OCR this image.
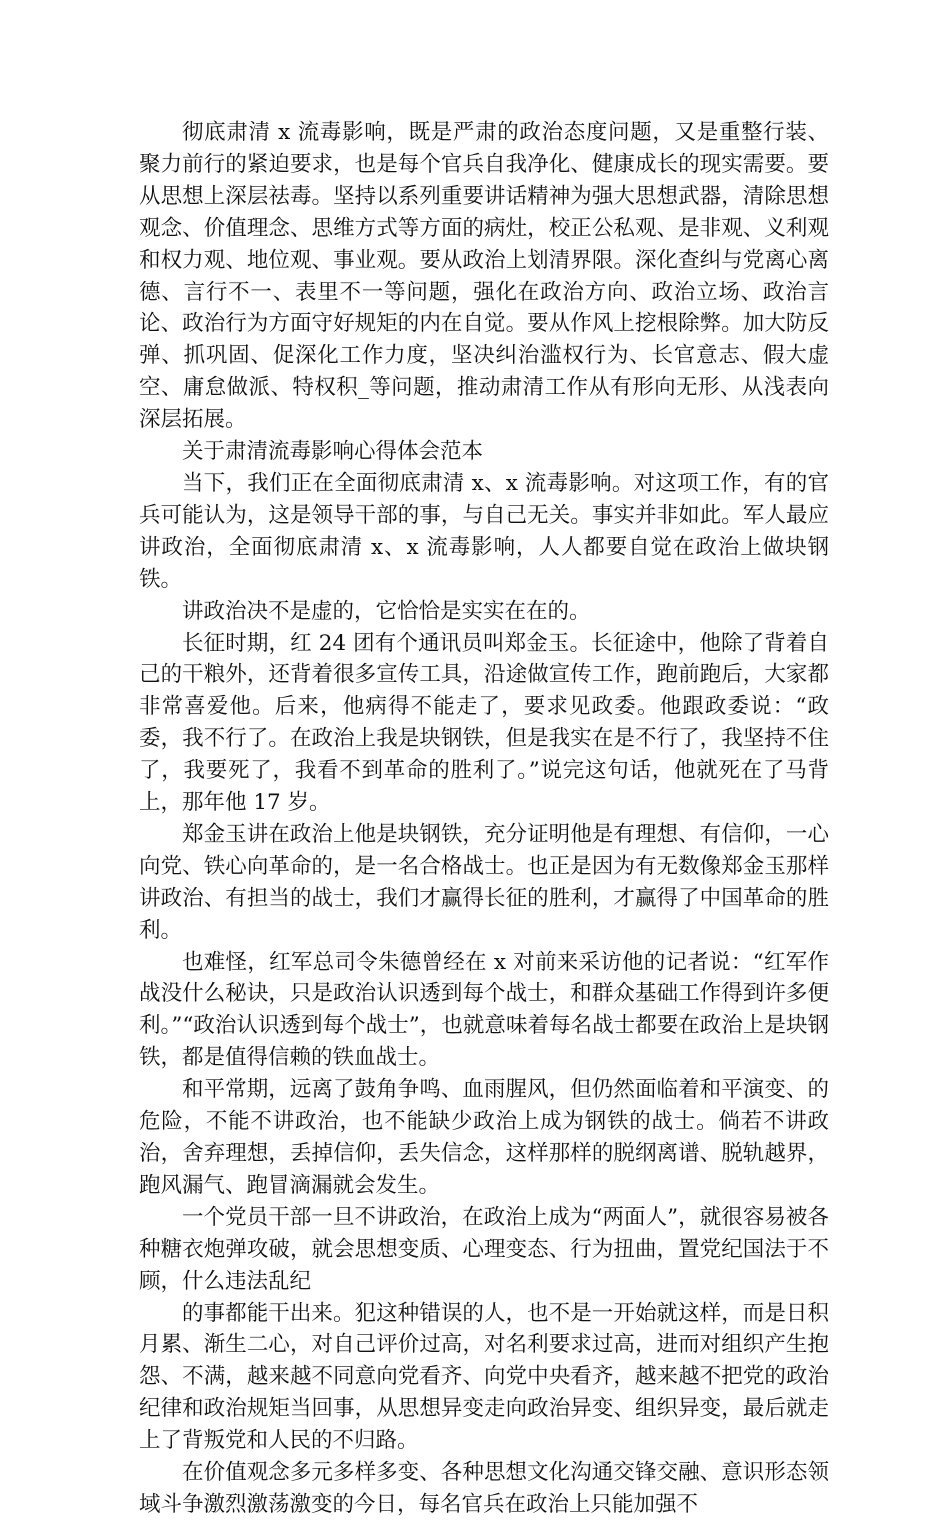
彻底肃清 x 流毒影响，既是严肃的政治态度问题，又是重整行装、聚力前行的紧迫要求，也是每个官兵自我净化、健康成长的现实需要。要从思想上深层祛毒。坚持以系列重要讲话精神为强大思想武器，清除思想观念、价值理念、思维方式等方面的病灶，校正公私观、是非观、义利观和权力观、地位观、事业观。要从政治上划清界限。深化查纠与党离心离德、言行不一、表里不一等问题，强化在政治方向、政治立场、政治言论、政治行为方面守好规矩的内在自觉。要从作风上挖根除弊。加大防反弹、抓巩固、促深化工作力度，坚决纠治滥权行为、长官意志、假大虚空、庸怠做派、特权积_等问题，推动肃清工作从有形向无形、从浅表向深层拓展。

关于肃清流毒影响心得体会范本

当下，我们正在全面彻底肃清 x、x 流毒影响。对这项工作，有的官兵可能认为，这是领导干部的事，与自己无关。事实并非如此。军人最应讲政治，全面彻底肃清 x、x 流毒影响，人人都要自觉在政治上做块钢铁。

讲政治决不是虚的，它恰恰是实实在在的。

长征时期，红 24 团有个通讯员叫郑金玉。长征途中，他除了背着自己的干粮外，还背着很多宣传工具，沿途做宣传工作，跑前跑后，大家都非常喜爱他。后来，他病得不能走了，要求见政委。他跟政委说：“政委，我不行了。在政治上我是块钢铁，但是我实在是不行了，我坚持不住了，我要死了，我看不到革命的胜利了。”说完这句话，他就死在了马背上，那年他 17 岁。

郑金玉讲在政治上他是块钢铁，充分证明他是有理想、有信仰，一心向党、铁心向革命的，是一名合格战士。也正是因为有无数像郑金玉那样讲政治、有担当的战士，我们才赢得长征的胜利，才赢得了中国革命的胜利。

也难怪，红军总司令朱德曾经在 x 对前来采访他的记者说：“红军作战没什么秘诀，只是政治认识透到每个战士，和群众基础工作得到许多便利。”“政治认识透到每个战士”，也就意味着每名战士都要在政治上是块钢铁，都是值得信赖的铁血战士。

和平常期，远离了鼓角争鸣、血雨腥风，但仍然面临着和平演变、的危险，不能不讲政治，也不能缺少政治上成为钢铁的战士。倘若不讲政治，舍弃理想，丢掉信仰，丢失信念，这样那样的脱纲离谱、脱轨越界，跑风漏气、跑冒滴漏就会发生。

一个党员干部一旦不讲政治，在政治上成为“两面人”，就很容易被各种糖衣炮弹攻破，就会思想变质、心理变态、行为扭曲，置党纪国法于不顾，什么违法乱纪

的事都能干出来。犯这种错误的人，也不是一开始就这样，而是日积月累、渐生二心，对自己评价过高，对名利要求过高，进而对组织产生抱怨、不满，越来越不同意向党看齐、向党中央看齐，越来越不把党的政治纪律和政治规矩当回事，从思想异变走向政治异变、组织异变，最后就走上了背叛党和人民的不归路。

在价值观念多元多样多变、各种思想文化沟通交锋交融、意识形态领域斗争激烈激荡激变的今日，每名官兵在政治上只能加强不
